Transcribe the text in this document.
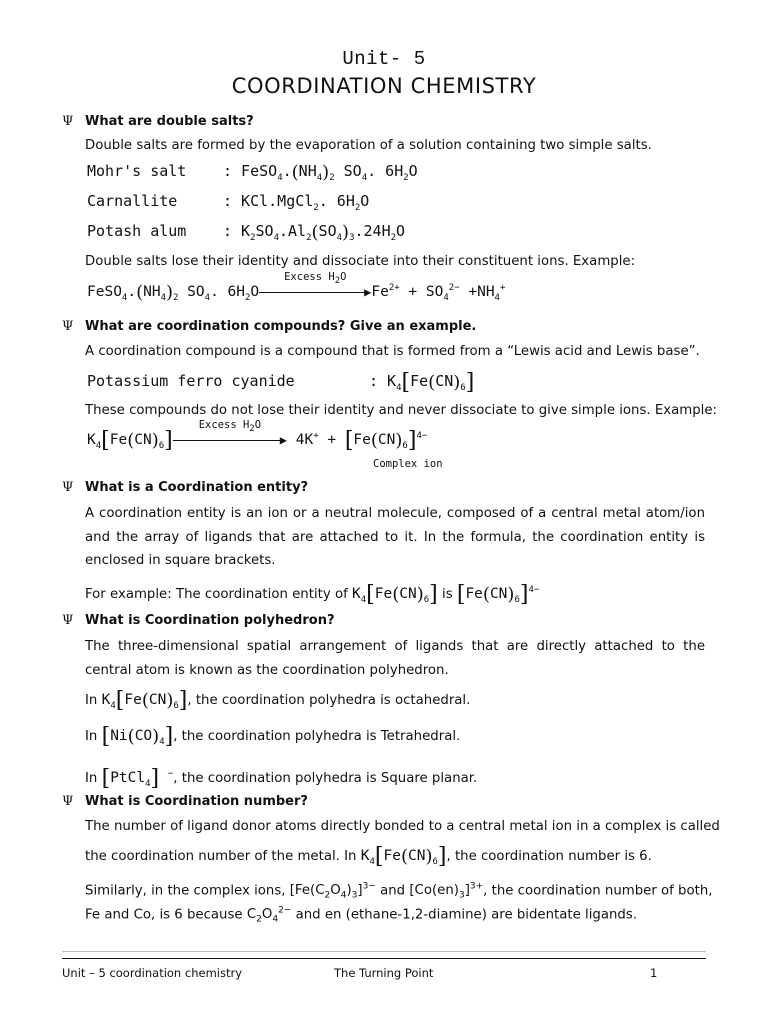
Unit- 5
COORDINATION CHEMISTRY
Ψ What are double salts?
Double salts are formed by the evaporation of a solution containing two simple salts.
Mohr's salt : $FeSO_4.(NH_4)_2$ $SO_4$. $6H_2O$
Carnallite	: KCl.MgCl$_2$. $6H_2O$
Potash alum : $K_2SO_4.Al_2(SO_4)_3.24H_2O$
Double salts lose their identity and dissociate into their constituent ions. Example:
$FeSO_4.(NH_4)_2$ $SO_4$. $6H_2O$
Excess $H_2O$
$▶Fe^{2+} + SO_4^{2-} +NH_4^+$
Ψ What are coordination compounds? Give an example.
A coordination compound is a compound that is formed from a “Lewis acid and Lewis base”.
Potassium ferro cyanide	: $K_4[Fe(CN)_6]$
These compounds do not lose their identity and never dissociate to give simple ions. Example:
$K_4[Fe(CN)_6]$
Excess $H_2O$
▶ $4K^+ + [Fe(CN)_6]^{4-}$
Complex ion
Ψ What is a Coordination entity?
A coordination entity is an ion or a neutral molecule, composed of a central metal atom/ion and the array of ligands that are attached to it. In the formula, the coordination entity is enclosed in square brackets.
For example: The coordination entity of $K_4[Fe(CN)_6]$ is $[Fe(CN)_6]^{4-}$
Ψ What is Coordination polyhedron?
The three-dimensional spatial arrangement of ligands that are directly attached to the central atom is known as the coordination polyhedron.
In $K_4[Fe(CN)_6]$, the coordination polyhedra is octahedral.
In $[Ni(CO)_4]$, the coordination polyhedra is Tetrahedral.
In [PtCl$_4$] −, the coordination polyhedra is Square planar.
Ψ What is Coordination number?
The number of ligand donor atoms directly bonded to a central metal ion in a complex is called
the coordination number of the metal. In $K_4[Fe(CN)_6]$, the coordination number is 6.
Similarly, in the complex ions, $[Fe(C_2O_4)_3]^{3-}$ and $[Co(en)_3]^{3+}$, the coordination number of both,
Fe and Co, is 6 because $C_2O_4^{2-}$ and en (ethane-1,2-diamine) are bidentate ligands.
Unit – 5 coordination chemistry	The Turning Point	1
